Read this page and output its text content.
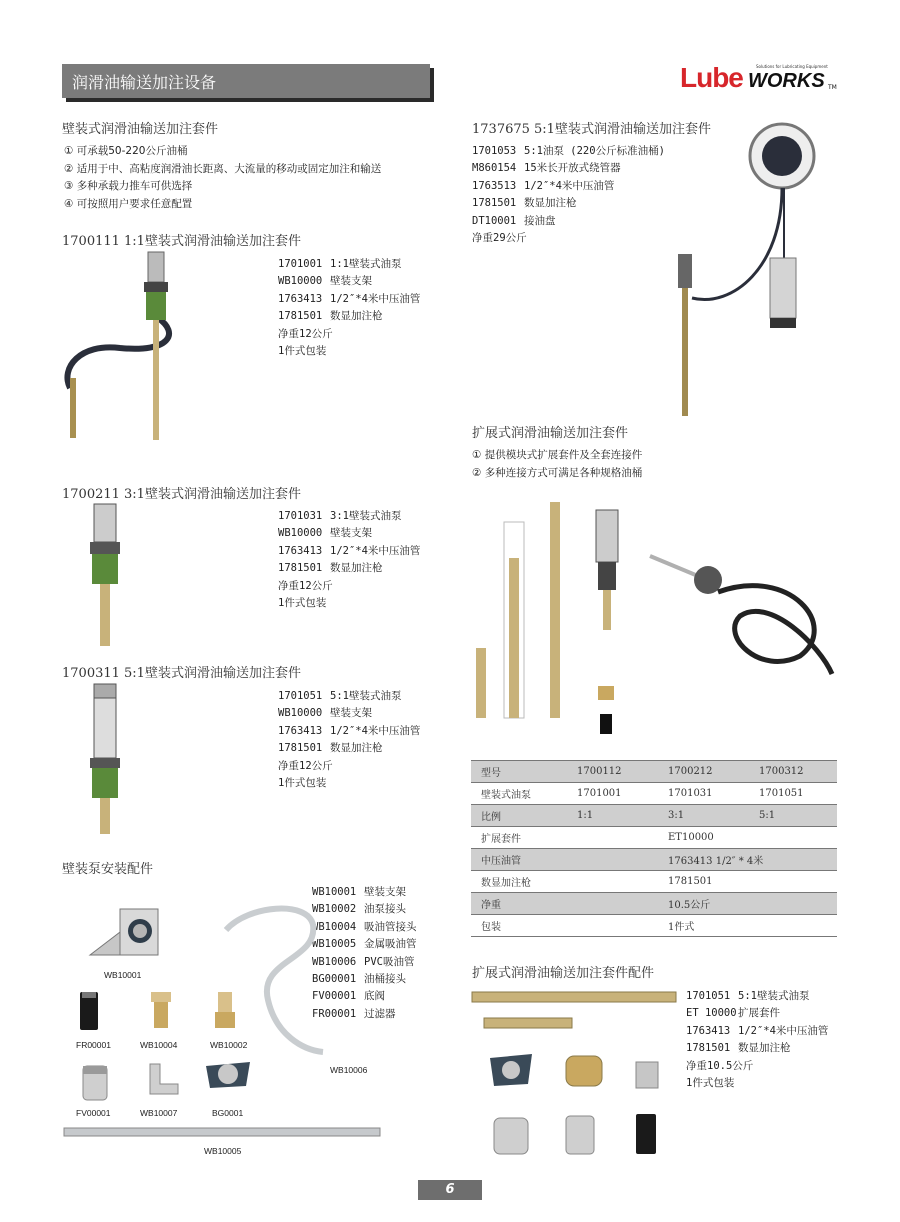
润滑油输送加注设备	Lube WORKS TM
Solutions for Lubricating Equipment
壁装式润滑油输送加注套件
① 可承载50-220公斤油桶
② 适用于中、高粘度润滑油长距离、大流量的移动或固定加注和输送
③ 多种承载力推车可供选择
④ 可按照用户要求任意配置
1700111 1:1壁装式润滑油输送加注套件
1701001 1:1壁装式油泵
WB10000 壁装支架
1763413 1/2″*4米中压油管
1781501 数显加注枪
净重12公斤
1件式包装
1700211 3:1壁装式润滑油输送加注套件
1701031 3:1壁装式油泵
WB10000 壁装支架
1763413 1/2″*4米中压油管
1781501 数显加注枪
净重12公斤
1件式包装
1700311 5:1壁装式润滑油输送加注套件
1701051 5:1壁装式油泵
WB10000 壁装支架
1763413 1/2″*4米中压油管
1781501 数显加注枪
净重12公斤
1件式包装
壁装泵安装配件
WB10001 壁装支架
WB10002 油泵接头
WB10004 吸油管接头
WB10005 金属吸油管
WB10006 PVC吸油管
BG00001 油桶接头
FV00001 底阀
FR00001 过滤器
WB10006
WB10001
FR00001	WB10004	WB10002
FV00001	WB10007	BG0001
WB10005
1737675 5:1壁装式润滑油输送加注套件
1701053 5:1油泵 (220公斤标准油桶)
M860154 15米长开放式绕管器
1763513 1/2″*4米中压油管
1781501 数显加注枪
DT10001 接油盘
净重29公斤
扩展式润滑油输送加注套件
① 提供模块式扩展套件及全套连接件
② 多种连接方式可满足各种规格油桶
型号	1700112	1700212	1700312
壁装式油泵	1701001	1701031	1701051
比例	1:1	3:1	5:1
扩展套件		ET10000	
中压油管		1763413 1/2″ * 4米	
数显加注枪		1781501	
净重		10.5公斤	
包装		1件式	
扩展式润滑油输送加注套件配件
1701051 5:1壁装式油泵
ET 10000 扩展套件
1763413 1/2″*4米中压油管
1781501 数显加注枪
净重10.5公斤
1件式包装
6
